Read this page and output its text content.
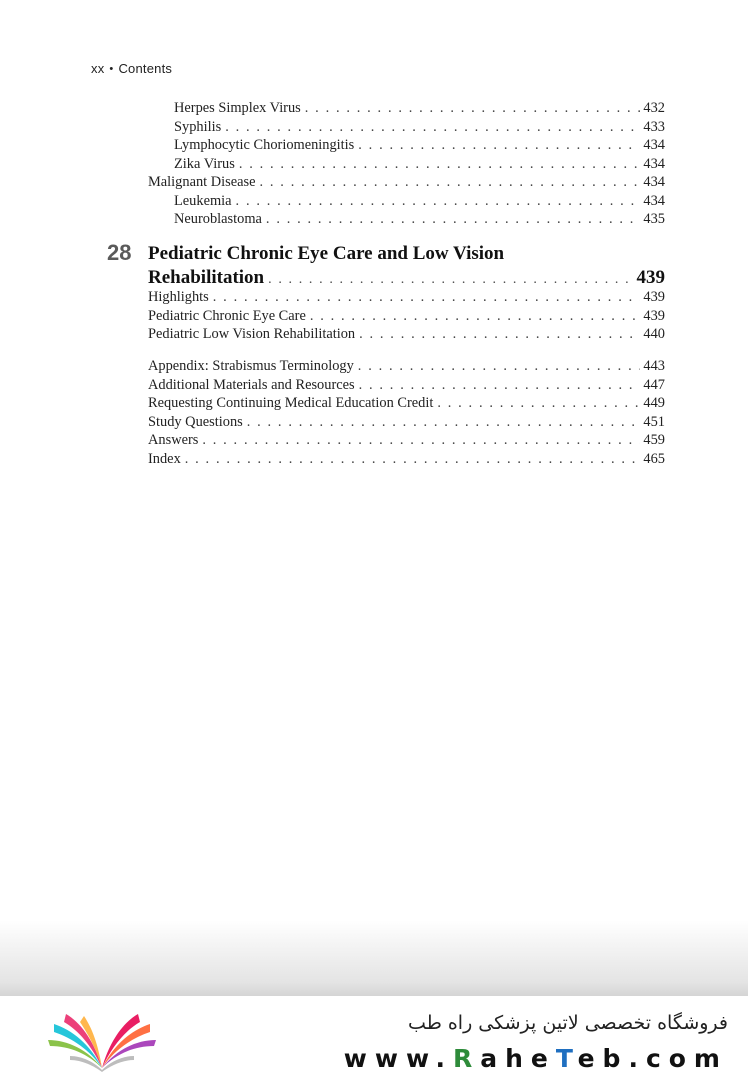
xx • Contents
Herpes Simplex Virus . . .	432
Syphilis . . .	433
Lymphocytic Choriomeningitis . . .	434
Zika Virus . . .	434
Malignant Disease . . .	434
Leukemia . . .	434
Neuroblastoma . . .	435
28 Pediatric Chronic Eye Care and Low Vision
Rehabilitation . . .	439
Highlights . . .	439
Pediatric Chronic Eye Care . . .	439
Pediatric Low Vision Rehabilitation . . .	440
Appendix: Strabismus Terminology . . .	443
Additional Materials and Resources . . .	447
Requesting Continuing Medical Education Credit . . .	449
Study Questions . . .	451
Answers . . .	459
Index . . .	465
فروشگاه تخصصی لاتین پزشکی راه طب
www.RaheTeb.com
